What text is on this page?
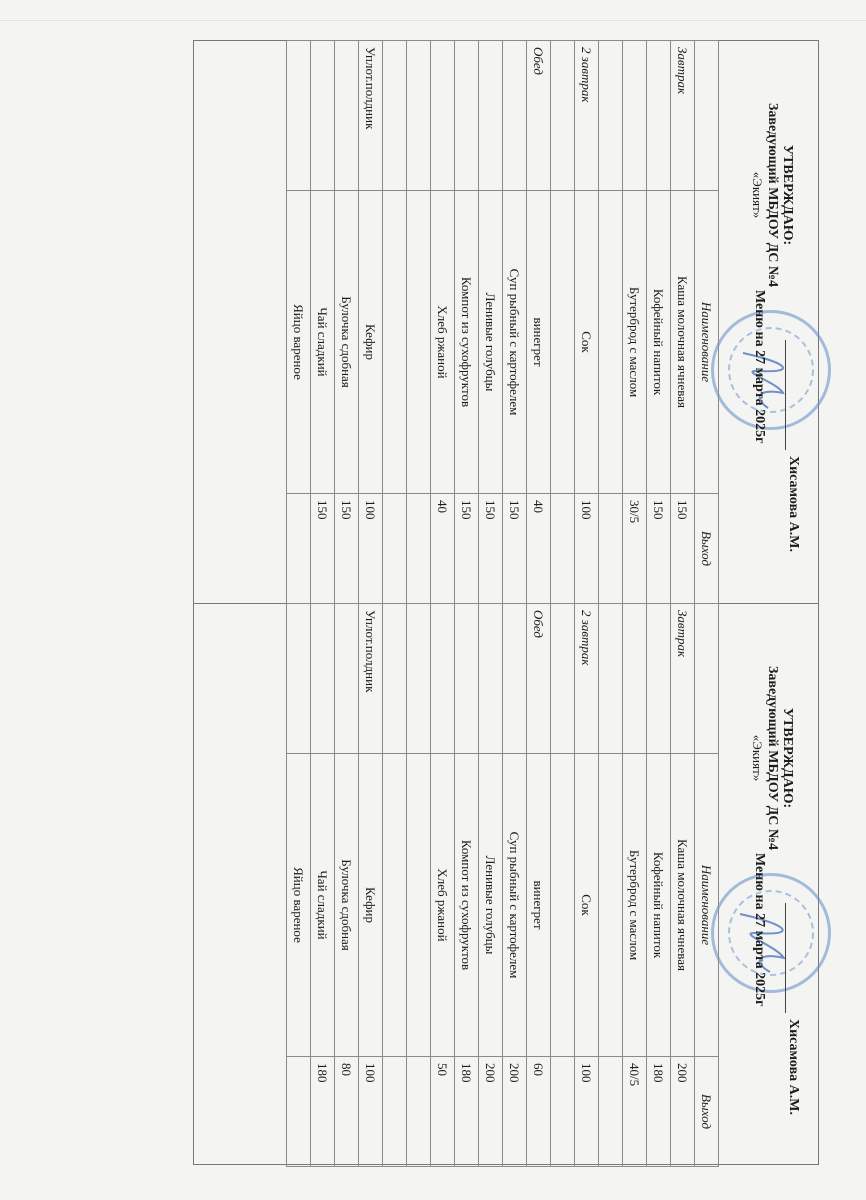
УТВЕРЖДАЮ:
Заведующий МБДОУ ДС №4
«Экият»
Хисамова А.М.
Меню на 27 марта 2025г
	Наименование	Выход
Завтрак	Каша молочная ячневая	150
	Кофейный напиток	150
	Бутерброд с маслом	30/5

2 завтрак	Сок	100

Обед	винегрет	40
	Суп рыбный с картофелем	150
	Ленивые голубцы	150
	Компот из сухофруктов	150
	Хлеб ржаной	40

Уплот.полдник	Кефир	100
	Булочка сдобная	150
	Чай сладкий	150
	Яйцо вареное	
УТВЕРЖДАЮ:
Заведующий МБДОУ ДС №4
«Экият»
Хисамова А.М.
Меню на 27 марта 2025г
	Наименование	Выход
Завтрак	Каша молочная ячневая	200
	Кофейный напиток	180
	Бутерброд с маслом	40/5

2 завтрак	Сок	100

Обед	винегрет	60
	Суп рыбный с картофелем	200
	Ленивые голубцы	200
	Компот из сухофруктов	180
	Хлеб ржаной	50

Уплот.полдник	Кефир	100
	Булочка сдобная	80
	Чай сладкий	180
	Яйцо вареное	
